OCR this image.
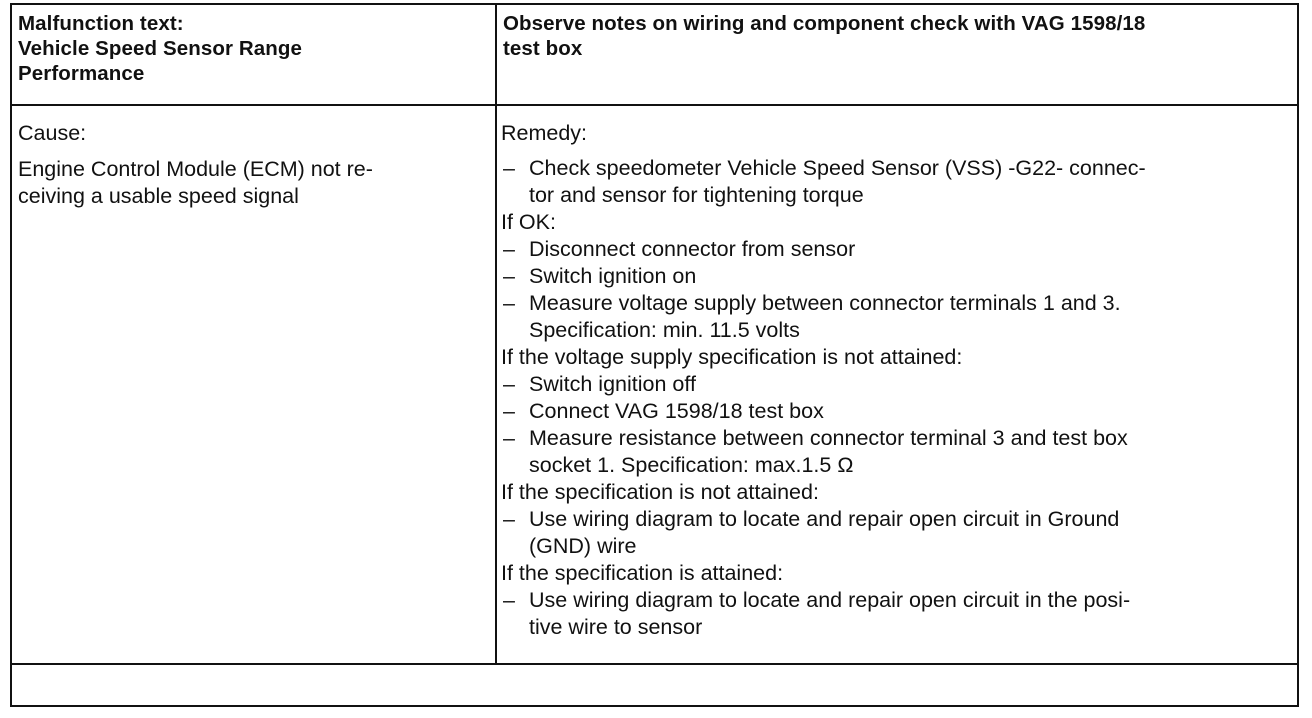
Malfunction text:
Vehicle Speed Sensor Range
Performance
Observe notes on wiring and component check with VAG 1598/18
test box
Cause:
Engine Control Module (ECM) not re-
ceiving a usable speed signal
Remedy:
– Check speedometer Vehicle Speed Sensor (VSS) -G22- connec-
tor and sensor for tightening torque
If OK:
– Disconnect connector from sensor
– Switch ignition on
– Measure voltage supply between connector terminals 1 and 3.
Specification: min. 11.5 volts
If the voltage supply specification is not attained:
– Switch ignition off
– Connect VAG 1598/18 test box
– Measure resistance between connector terminal 3 and test box
socket 1. Specification: max.1.5 Ω
If the specification is not attained:
– Use wiring diagram to locate and repair open circuit in Ground
(GND) wire
If the specification is attained:
– Use wiring diagram to locate and repair open circuit in the posi-
tive wire to sensor
